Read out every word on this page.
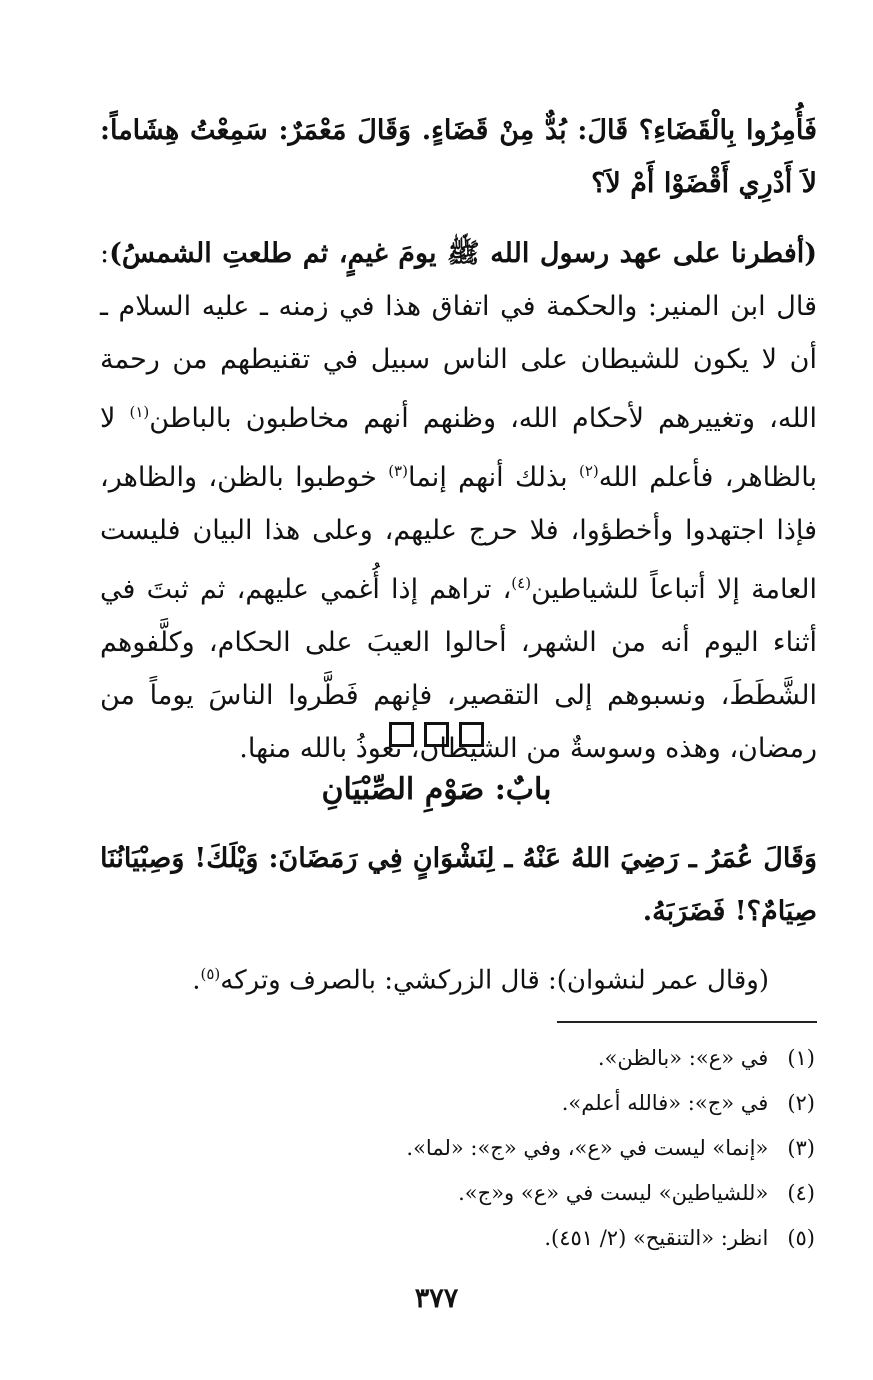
فَأُمِرُوا بِالْقَضَاءِ؟ قَالَ: بُدٌّ مِنْ قَضَاءٍ. وَقَالَ مَعْمَرٌ: سَمِعْتُ هِشَاماً: لاَ أَدْرِي أَقْضَوْا أَمْ لاَ؟
(أفطرنا على عهد رسول الله ﷺ يومَ غيمٍ، ثم طلعتِ الشمسُ): قال ابن المنير: والحكمة في اتفاق هذا في زمنه ـ عليه السلام ـ أن لا يكون للشيطان على الناس سبيل في تقنيطهم من رحمة الله، وتغييرهم لأحكام الله، وظنهم أنهم مخاطبون بالباطن$^{(١)}$ لا بالظاهر، فأعلم الله$^{(٢)}$ بذلك أنهم إنما$^{(٣)}$ خوطبوا بالظن، والظاهر، فإذا اجتهدوا وأخطؤوا، فلا حرج عليهم، وعلى هذا البيان فليست العامة إلا أتباعاً للشياطين$^{(٤)}$، تراهم إذا أُغمي عليهم، ثم ثبتَ في أثناء اليوم أنه من الشهر، أحالوا العيبَ على الحكام، وكلَّفوهم الشَّطَطَ، ونسبوهم إلى التقصير، فإنهم فَطَّروا الناسَ يوماً من رمضان، وهذه وسوسةٌ من الشيطان، نعوذُ بالله منها.
بابٌ: صَوْمِ الصِّبْيَانِ
وَقَالَ عُمَرُ ـ رَضِيَ اللهُ عَنْهُ ـ لِنَشْوَانٍ فِي رَمَضَانَ: وَيْلَكَ! وَصِبْيَانُنَا صِيَامٌ؟! فَضَرَبَهُ.
(وقال عمر لنشوان): قال الزركشي: بالصرف وتركه$^{(٥)}$.
(١) في «ع»: «بالظن».
(٢) في «ج»: «فالله أعلم».
(٣) «إنما» ليست في «ع»، وفي «ج»: «لما».
(٤) «للشياطين» ليست في «ع» و«ج».
(٥) انظر: «التنقيح» (٢/ ٤٥١).
٣٧٧
